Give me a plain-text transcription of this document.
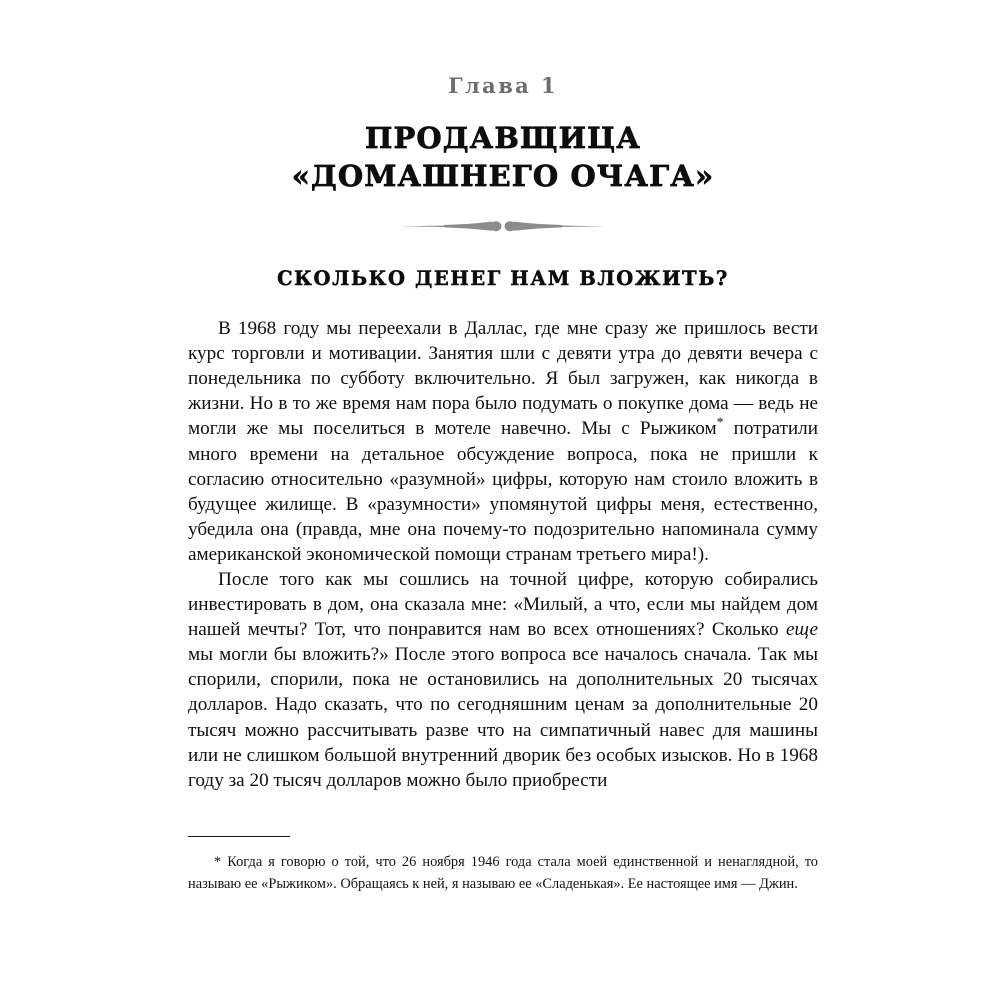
Глава 1
ПРОДАВЩИЦА
«ДОМАШНЕГО ОЧАГА»
СКОЛЬКО ДЕНЕГ НАМ ВЛОЖИТЬ?

В 1968 году мы переехали в Даллас, где мне сразу же пришлось вести курс торговли и мотивации. Занятия шли с девяти утра до девяти вечера с понедельника по субботу включительно. Я был загружен, как никогда в жизни. Но в то же время нам пора было подумать о покупке дома — ведь не могли же мы поселиться в мотеле навечно. Мы с Рыжиком* потратили много времени на детальное обсуждение вопроса, пока не пришли к согласию относительно «разумной» цифры, которую нам стоило вложить в будущее жилище. В «разумности» упомянутой цифры меня, естественно, убедила она (правда, мне она почему-то подозрительно напоминала сумму американской экономической помощи странам третьего мира!).

После того как мы сошлись на точной цифре, которую собирались инвестировать в дом, она сказала мне: «Милый, а что, если мы найдем дом нашей мечты? Тот, что понравится нам во всех отношениях? Сколько еще мы могли бы вложить?» После этого вопроса все началось сначала. Так мы спорили, спорили, пока не остановились на дополнительных 20 тысячах долларов. Надо сказать, что по сегодняшним ценам за дополнительные 20 тысяч можно рассчитывать разве что на симпатичный навес для машины или не слишком большой внутренний дворик без особых изысков. Но в 1968 году за 20 тысяч долларов можно было приобрести

* Когда я говорю о той, что 26 ноября 1946 года стала моей единственной и ненаглядной, то называю ее «Рыжиком». Обращаясь к ней, я называю ее «Сладенькая». Ее настоящее имя — Джин.
